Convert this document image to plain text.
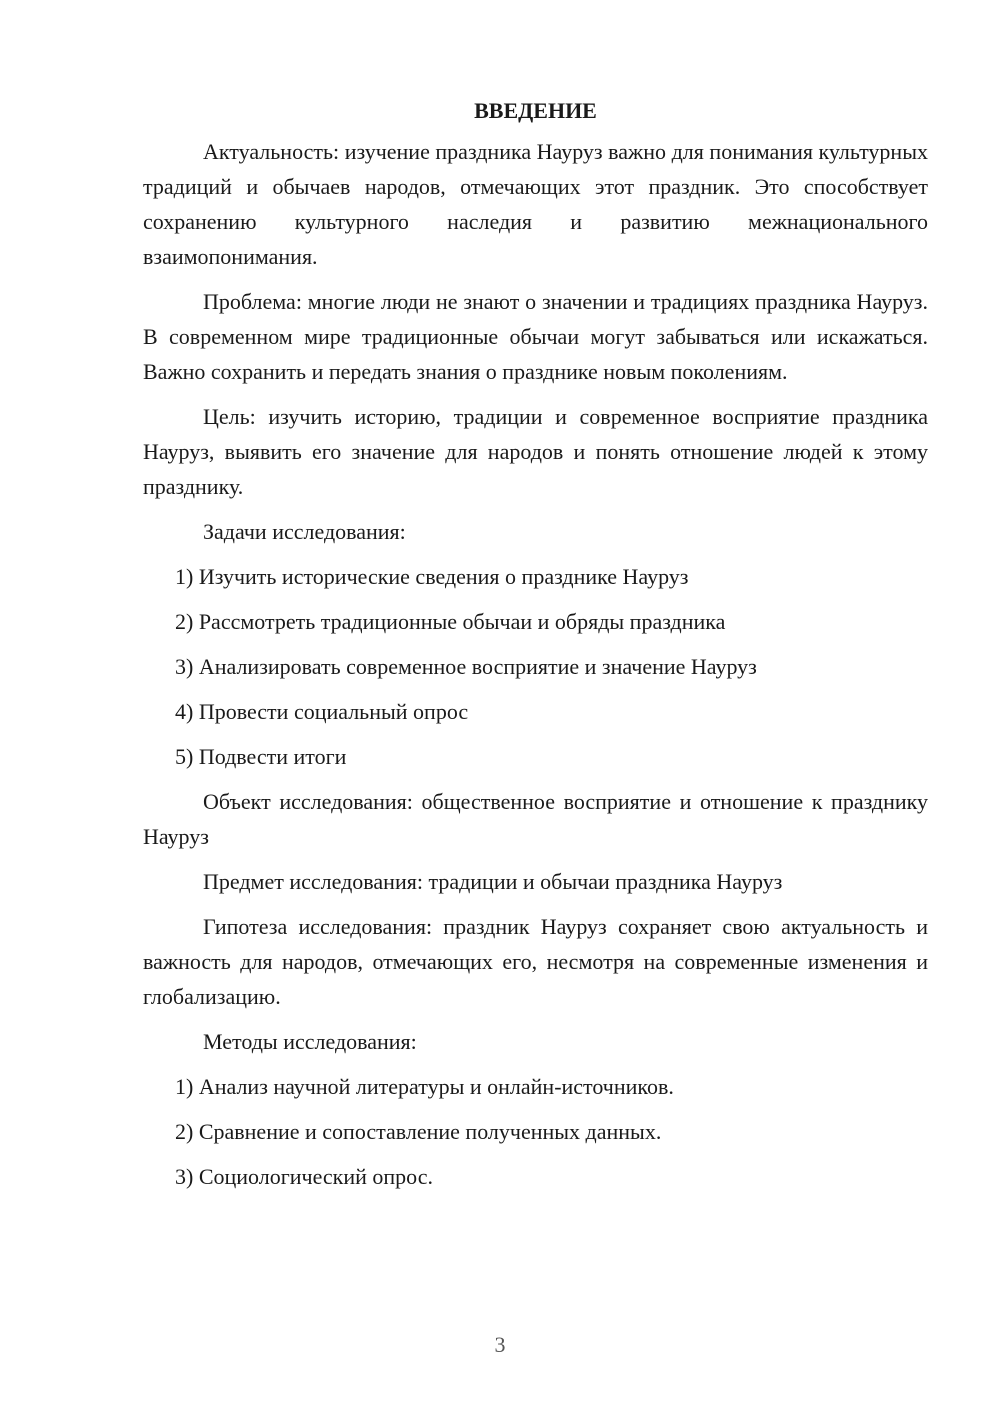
ВВЕДЕНИЕ

Актуальность: изучение праздника Науруз важно для понимания культурных традиций и обычаев народов, отмечающих этот праздник. Это способствует сохранению культурного наследия и развитию межнационального взаимопонимания.

Проблема: многие люди не знают о значении и традициях праздника Науруз. В современном мире традиционные обычаи могут забываться или искажаться. Важно сохранить и передать знания о празднике новым поколениям.

Цель: изучить историю, традиции и современное восприятие праздника Науруз, выявить его значение для народов и понять отношение людей к этому празднику.

Задачи исследования:

1) Изучить исторические сведения о празднике Науруз
2) Рассмотреть традиционные обычаи и обряды праздника
3) Анализировать современное восприятие и значение Науруз
4) Провести социальный опрос
5) Подвести итоги

Объект исследования: общественное восприятие и отношение к празднику Науруз

Предмет исследования: традиции и обычаи праздника Науруз

Гипотеза исследования: праздник Науруз сохраняет свою актуальность и важность для народов, отмечающих его, несмотря на современные изменения и глобализацию.

Методы исследования:

1) Анализ научной литературы и онлайн-источников.
2) Сравнение и сопоставление полученных данных.
3) Социологический опрос.
3
